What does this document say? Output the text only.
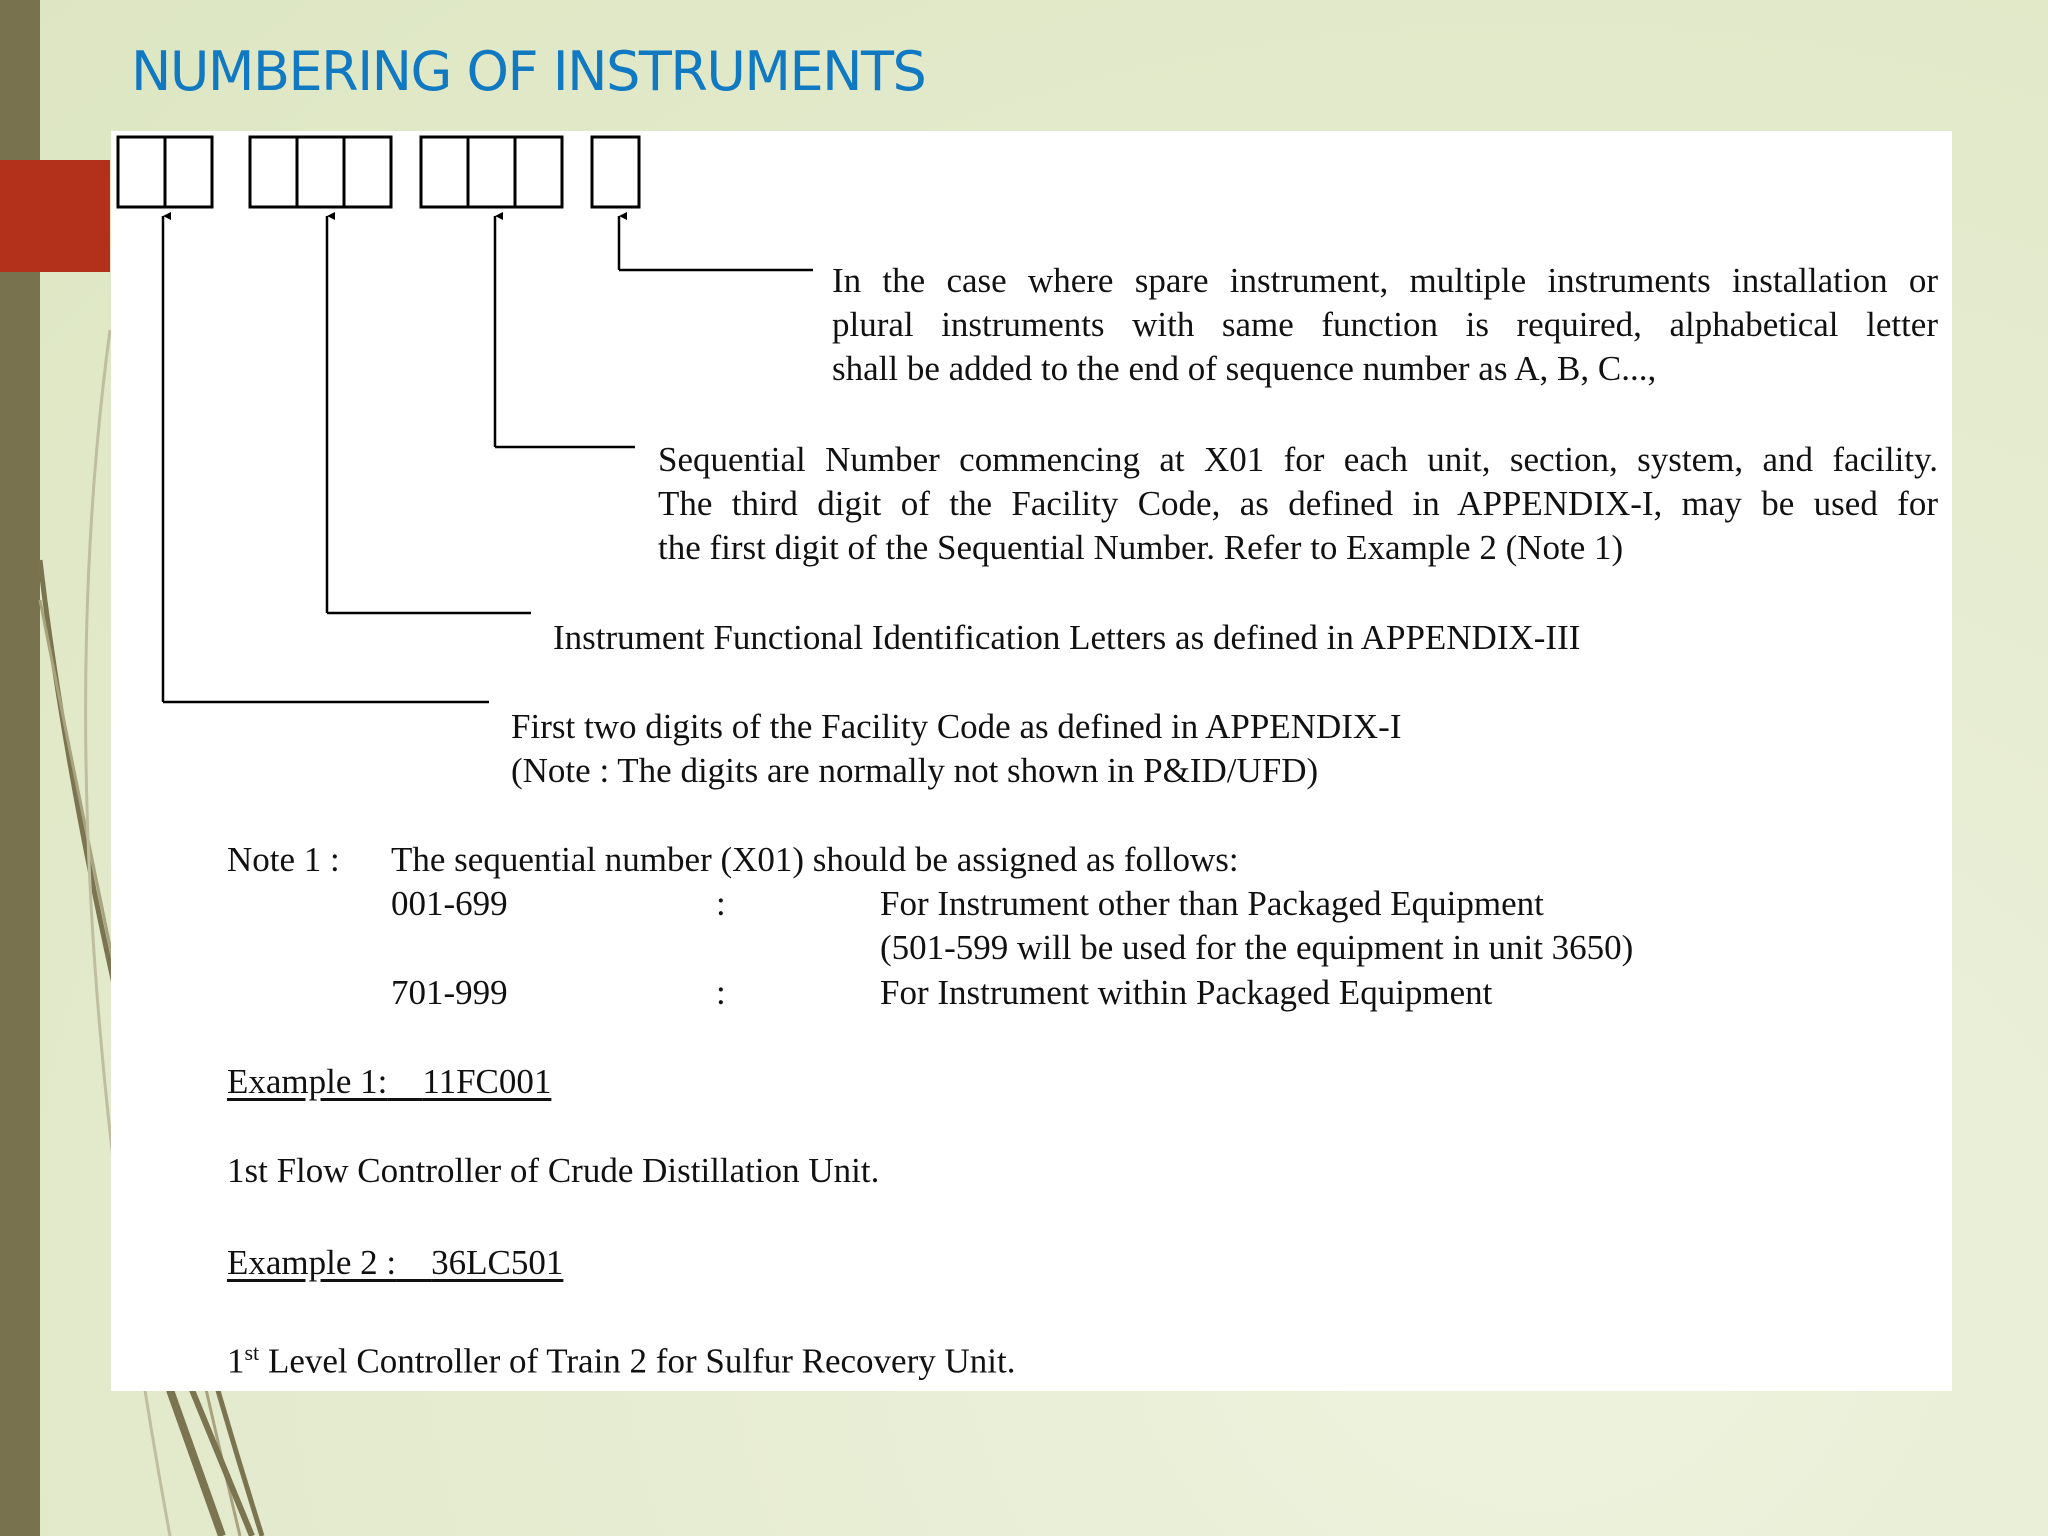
NUMBERING OF INSTRUMENTS
In the case where spare instrument, multiple instruments installation or
plural instruments with same function is required, alphabetical letter
shall be added to the end of sequence number as A, B, C...,
Sequential Number commencing at X01 for each unit, section, system, and facility.
The third digit of the Facility Code, as defined in APPENDIX-I, may be used for
the first digit of the Sequential Number. Refer to Example 2 (Note 1)
Instrument Functional Identification Letters as defined in APPENDIX-III
First two digits of the Facility Code as defined in APPENDIX-I
(Note : The digits are normally not shown in P&ID/UFD)
Note 1 : The sequential number (X01) should be assigned as follows:
001-699	:	For Instrument other than Packaged Equipment
(501-599 will be used for the equipment in unit 3650)
701-999	:	For Instrument within Packaged Equipment
Example 1: 11FC001
1st Flow Controller of Crude Distillation Unit.
Example 2 : 36LC501
1st Level Controller of Train 2 for Sulfur Recovery Unit.
